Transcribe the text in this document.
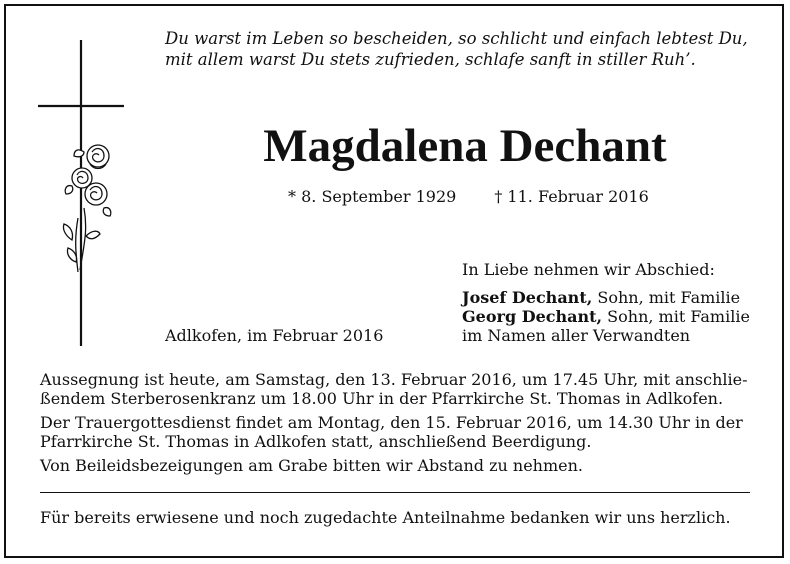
Du warst im Leben so bescheiden, so schlicht und einfach lebtest Du,
mit allem warst Du stets zufrieden, schlafe sanft in stiller Ruh’.
Magdalena Dechant
* 8. September 1929 † 11. Februar 2016
In Liebe nehmen wir Abschied:
Josef Dechant, Sohn, mit Familie
Georg Dechant, Sohn, mit Familie
im Namen aller Verwandten
Adlkofen, im Februar 2016

Aussegnung ist heute, am Samstag, den 13. Februar 2016, um 17.45 Uhr, mit anschlie-
ßendem Sterberosenkranz um 18.00 Uhr in der Pfarrkirche St. Thomas in Adlkofen.

Der Trauergottesdienst findet am Montag, den 15. Februar 2016, um 14.30 Uhr in der
Pfarrkirche St. Thomas in Adlkofen statt, anschließend Beerdigung.

Von Beileidsbezeigungen am Grabe bitten wir Abstand zu nehmen.

Für bereits erwiesene und noch zugedachte Anteilnahme bedanken wir uns herzlich.
